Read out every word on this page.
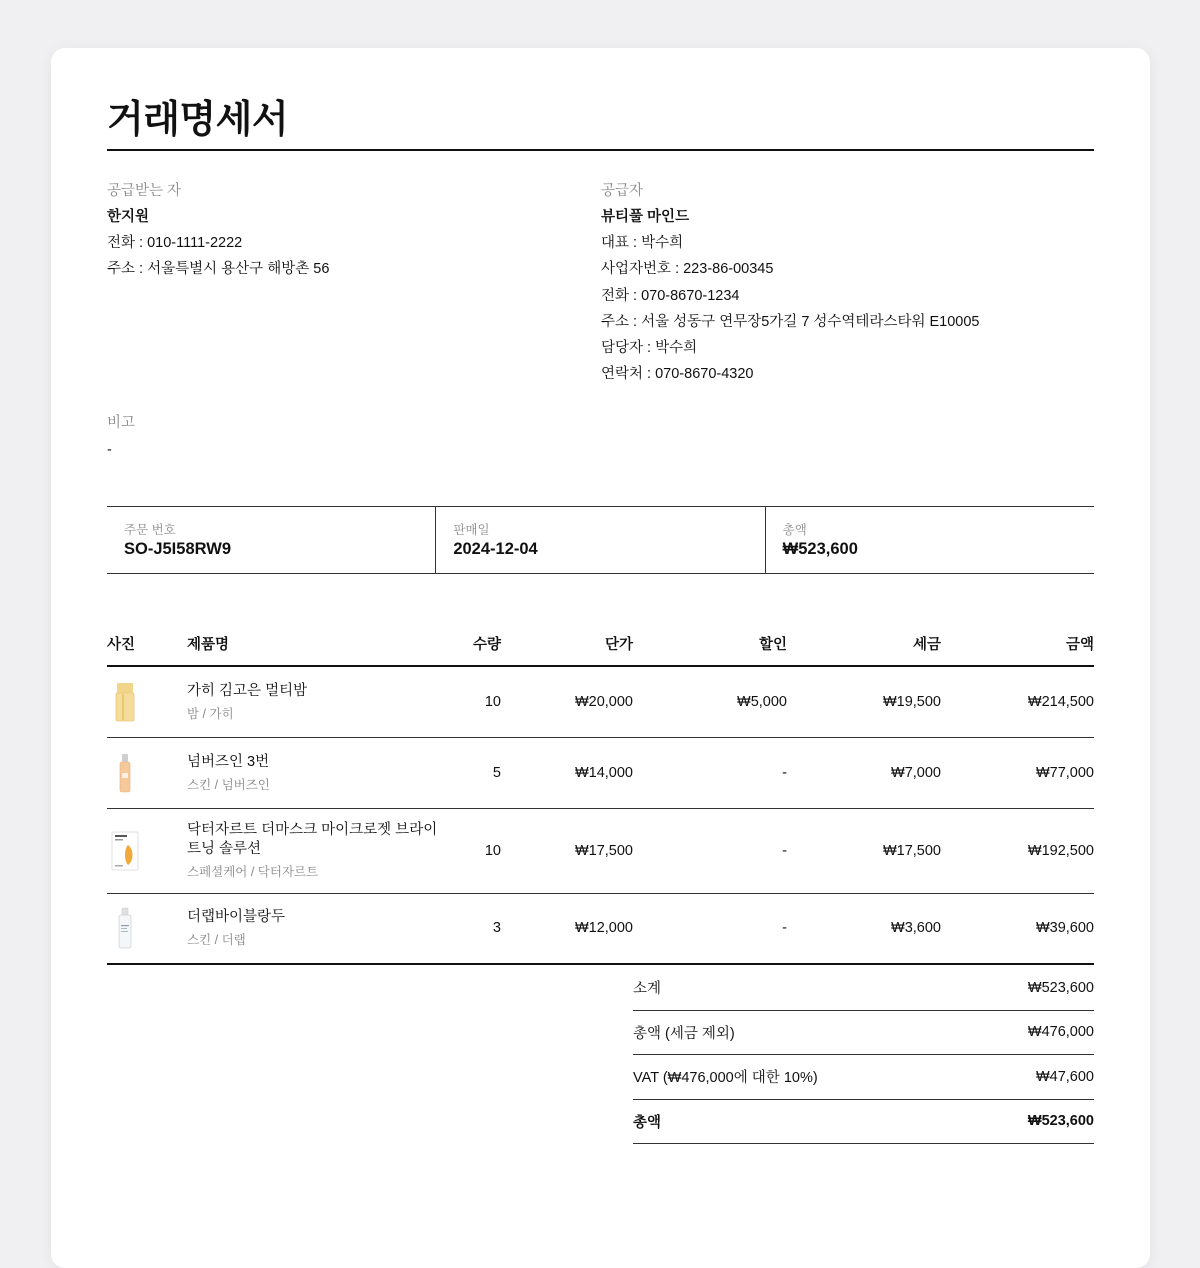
거래명세서
공급받는 자
한지원
전화 : 010-1111-2222
주소 : 서울특별시 용산구 해방촌 56
공급자
뷰티풀 마인드
대표 : 박수희
사업자번호 : 223-86-00345
전화 : 070-8670-1234
주소 : 서울 성동구 연무장5가길 7 성수역테라스타워 E10005
담당자 : 박수희
연락처 : 070-8670-4320
비고
-
주문 번호
SO-J5I58RW9
판매일
2024-12-04
총액
₩523,600
사진	제품명	수량	단가	할인	세금	금액

가히 김고은 멀티밤
밤 / 가히	10	₩20,000	₩5,000	₩19,500	₩214,500

넘버즈인 3번
스킨 / 넘버즈인	5	₩14,000	-	₩7,000	₩77,000

닥터자르트 더마스크 마이크로젯 브라이트닝 솔루션
스페셜케어 / 닥터자르트	10	₩17,500	-	₩17,500	₩192,500

더랩바이블랑두
스킨 / 더랩	3	₩12,000	-	₩3,600	₩39,600
소계	₩523,600
총액 (세금 제외)	₩476,000
VAT (₩476,000에 대한 10%)	₩47,600
총액	₩523,600
